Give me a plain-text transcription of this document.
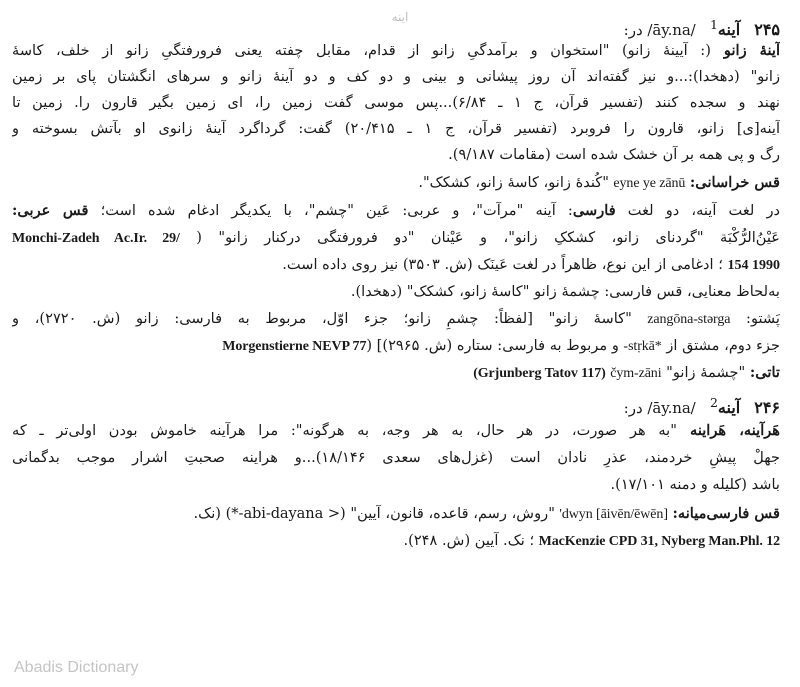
اینه
۲۴۵آینه$^1$   /āy.na/ در:
آینهٔ زانو (: آیینهٔ زانو) "استخوان و برآمدگیِ زانو از قدام، مقابل چفته یعنی فرورفتگیِ زانو از خلف، کاسهٔ
زانو" (دهخدا):...و نیز گفته‌اند آن روز پیشانی و بینی و دو کف و دو آینهٔ زانو و سرهای انگشتان پای بر زمین
نهند و سجده کنند (تفسیر قرآن، ج ۱ ـ ۶/۸۴)...پس موسی گفت زمین را، ای زمین بگیر قارون را. زمین تا
آینه[ی] زانو، قارون را فروبرد (تفسیر قرآن، ج ۱ ـ ۲۰/۴۱۵) گفت: گرداگرد آینهٔ زانوی او بآتش بسوخته و
رگ و پی همه بر آن خشک شده است (مقامات ۹/۱۸۷).
قس خراسانی: eyne ye zānū "کُندهٔ زانو، کاسهٔ زانو، کشکک".
در لغت آینه، دو لغت فارسی: آینه "مرآت"، و عربی: عَین "چشم"، با یکدیگر ادغام شده است؛ قس عربی:
عَیْنُ‌الرُّکْبَة "گردنای زانو، کشککِ زانو"، و عَیْنان "دو فرورفتگی درکنار زانو" ( Monchi-Zadeh Ac.Ir. 29/
154 1990 ؛ ادغامی از این نوع، ظاهراً در لغت عَینَک (ش. ۳۵۰۳) نیز روی داده است.
به‌لحاظ معنایی، قس فارسی: چشمهٔ زانو "کاسهٔ زانو، کشکک" (دهخدا).
پَشتو: zangōna-stərga "کاسهٔ زانو" [لفظاً: چشمِ زانو؛ جزء اوّل، مربوط به فارسی: زانو (ش. ۲۷۲۰)، و
جزء دوم، مشتق از -stṛkā* و مربوط به فارسی: ستاره (ش. ۲۹۶۵)] (Morgenstierne NEVP 77
تاتی: "چشمهٔ زانو" čym-zāni (Grjunberg Tatov 117)
۲۴۶آینه$^2$   /āy.na/ در:
هَرآینه، هَراینه "به هر صورت، در هر حال، به هر وجه، به هرگونه": مرا هرآینه خاموش بودن اولی‌تر ـ که
جهلْ پیشِ خردمند، عذرِ نادان است (غزل‌های سعدی ۱۸/۱۴۶)...و هراینه صحبتِ اشرار موجب بدگمانی
باشد (کلیله و دمنه ۱۷/۱۰۱).
قس فارسی‌میانه: 'dwyn [āivēn/ēwēn] "روش، رسم، قاعده، قانون، آیین" (< ‎-abi-dayana*) (نک.
MacKenzie CPD 31, Nyberg Man.Phl. 12 ؛ نک. آیین (ش. ۲۴۸).
Abadis Dictionary
